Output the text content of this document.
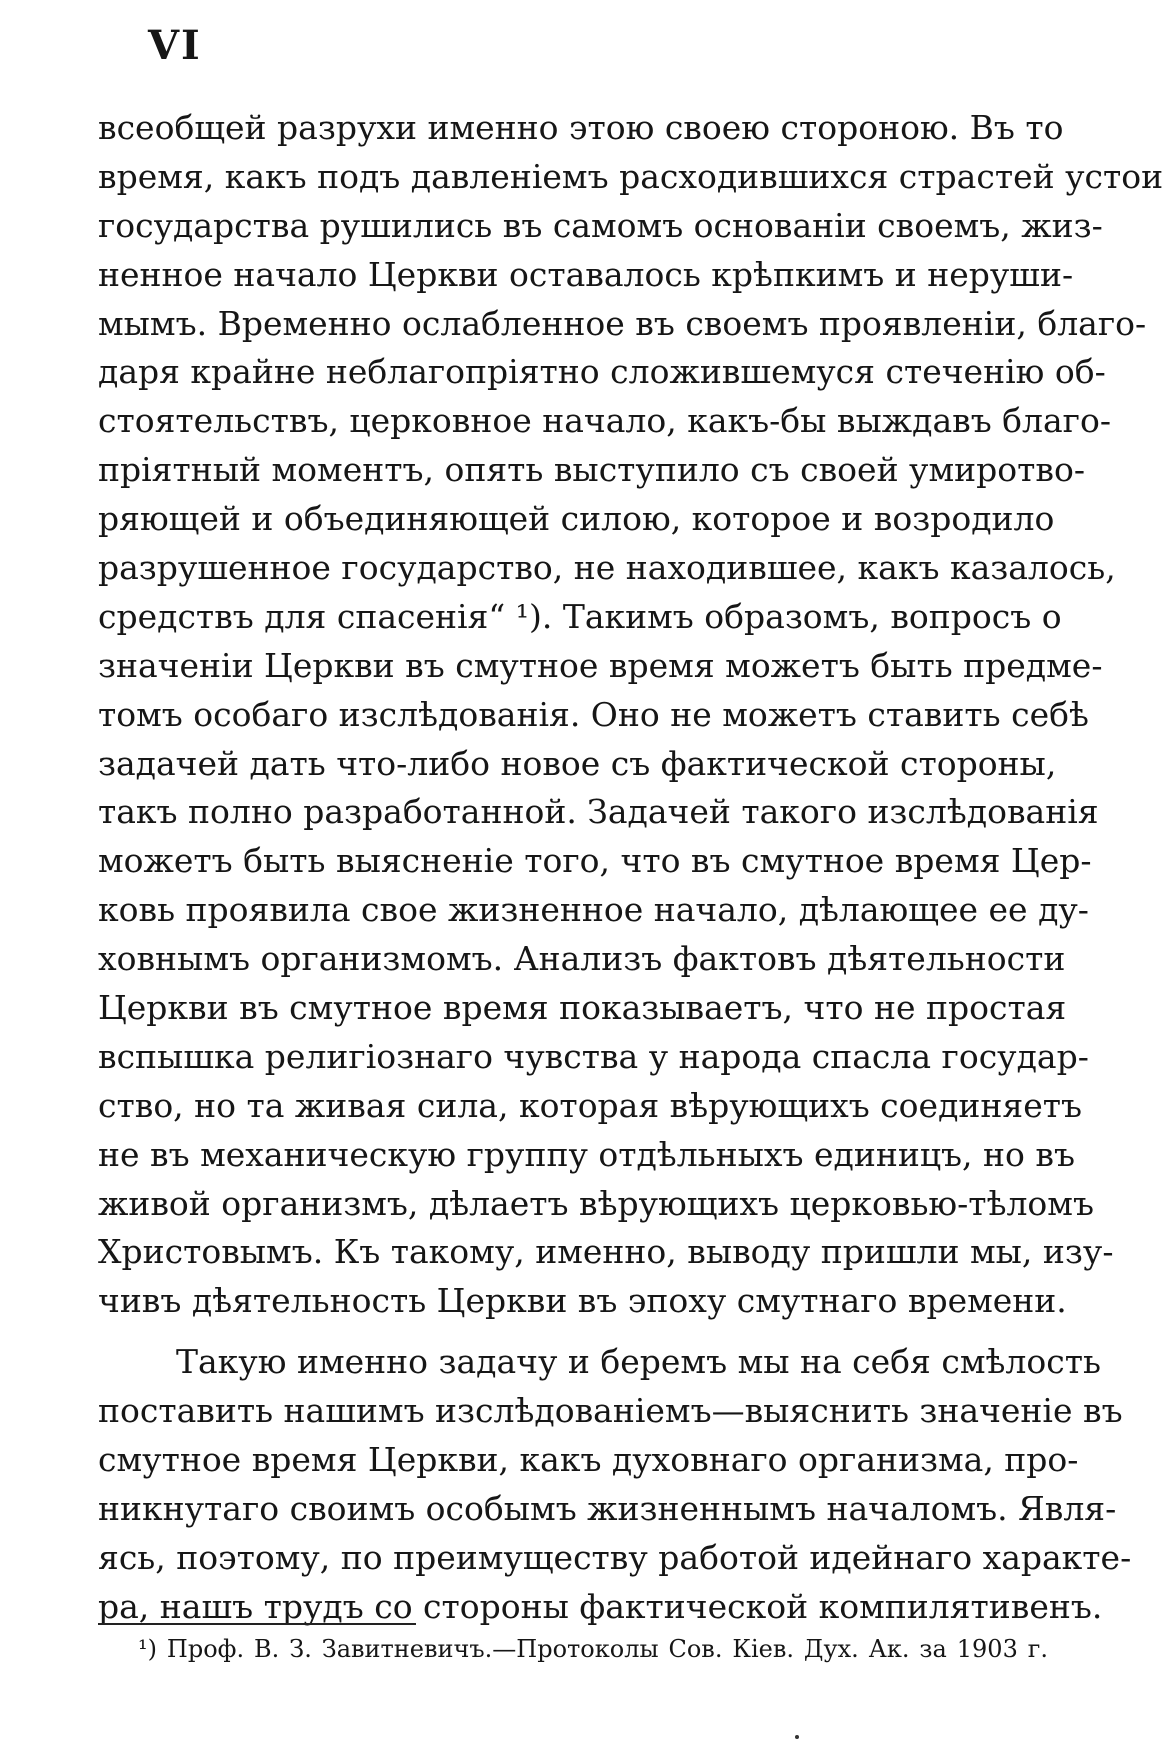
VI
всеобщей разрухи именно этою своею стороною. Въ то
время, какъ подъ давленіемъ расходившихся страстей устои
государства рушились въ самомъ основаніи своемъ, жиз-
ненное начало Церкви оставалось крѣпкимъ и неруши-
мымъ. Временно ослабленное въ своемъ проявленіи, благо-
даря крайне неблагопріятно сложившемуся стеченію об-
стоятельствъ, церковное начало, какъ-бы выждавъ благо-
пріятный моментъ, опять выступило съ своей умиротво-
ряющей и объединяющей силою, которое и возродило
разрушенное государство, не находившее, какъ казалось,
средствъ для спасенія“ ¹). Такимъ образомъ, вопросъ о
значеніи Церкви въ смутное время можетъ быть предме-
томъ особаго изслѣдованія. Оно не можетъ ставить себѣ
задачей дать что-либо новое съ фактической стороны,
такъ полно разработанной. Задачей такого изслѣдованія
можетъ быть выясненіе того, что въ смутное время Цер-
ковь проявила свое жизненное начало, дѣлающее ее ду-
ховнымъ организмомъ. Анализъ фактовъ дѣятельности
Церкви въ смутное время показываетъ, что не простая
вспышка религіознаго чувства у народа спасла государ-
ство, но та живая сила, которая вѣрующихъ соединяетъ
не въ механическую группу отдѣльныхъ единицъ, но въ
живой организмъ, дѣлаетъ вѣрующихъ церковью-тѣломъ
Христовымъ. Къ такому, именно, выводу пришли мы, изу-
чивъ дѣятельность Церкви въ эпоху смутнаго времени.
Такую именно задачу и беремъ мы на себя смѣлость
поставить нашимъ изслѣдованіемъ—выяснить значеніе въ
смутное время Церкви, какъ духовнаго организма, про-
никнутаго своимъ особымъ жизненнымъ началомъ. Явля-
ясь, поэтому, по преимуществу работой идейнаго характе-
ра, нашъ трудъ со стороны фактической компилятивенъ.
¹) Проф. В. З. Завитневичъ.—Протоколы Сов. Кіев. Дух. Ак. за 1903 г.
